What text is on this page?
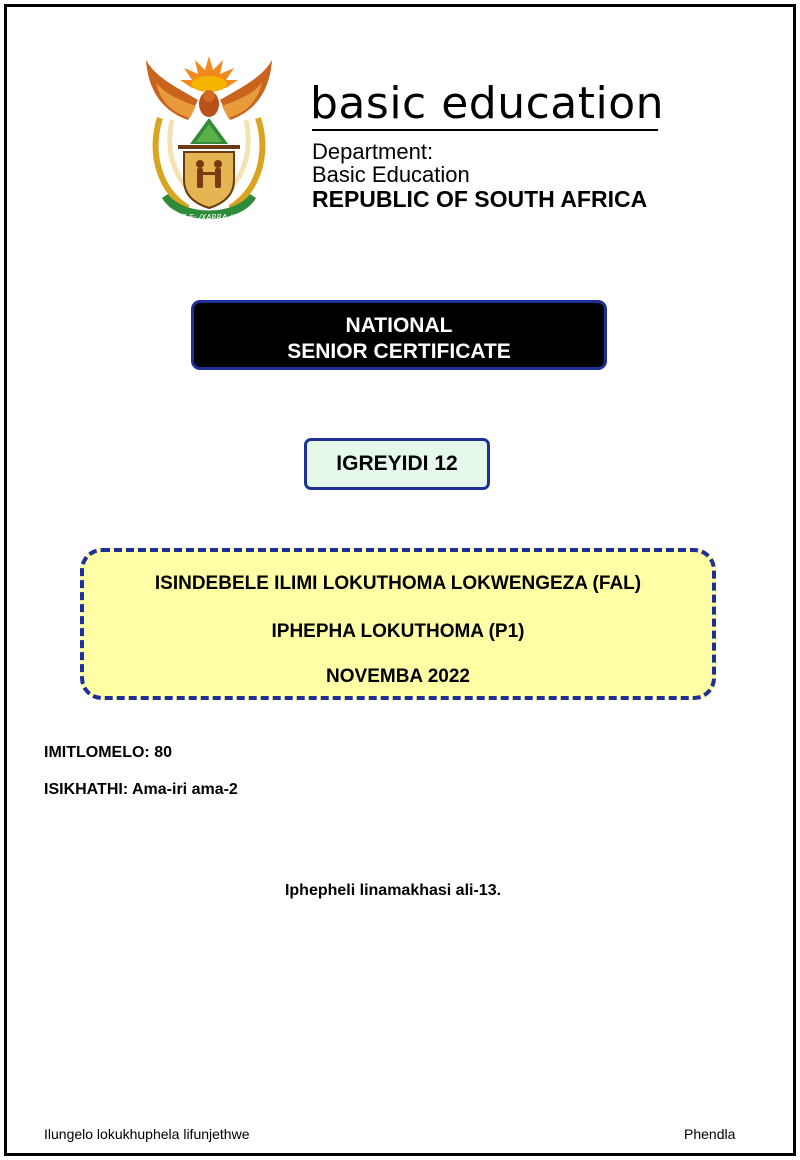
!KE E: /XARRA //KE
basic education
Department:
Basic Education
REPUBLIC OF SOUTH AFRICA
NATIONAL
SENIOR CERTIFICATE
IGREYIDI 12
ISINDEBELE ILIMI LOKUTHOMA LOKWENGEZA (FAL)
IPHEPHA LOKUTHOMA (P1)
NOVEMBA 2022
IMITLOMELO: 80
ISIKHATHI: Ama-iri ama-2
Iphepheli linamakhasi ali-13.
Ilungelo lokukhuphela lifunjethwe	Phendla
